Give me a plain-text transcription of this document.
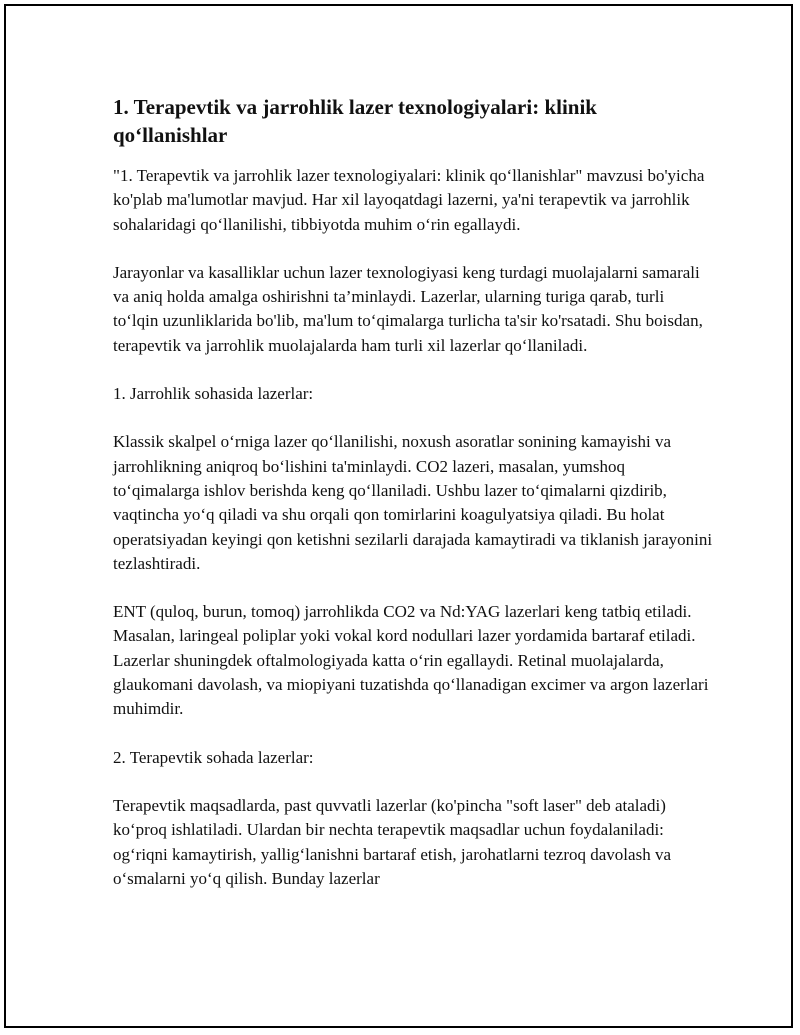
1. Terapevtik va jarrohlik lazer texnologiyalari: klinik qo‘llanishlar

"1. Terapevtik va jarrohlik lazer texnologiyalari: klinik qo‘llanishlar" mavzusi bo'yicha ko'plab ma'lumotlar mavjud. Har xil layoqatdagi lazerni, ya'ni terapevtik va jarrohlik sohalaridagi qo‘llanilishi, tibbiyotda muhim o‘rin egallaydi.

Jarayonlar va kasalliklar uchun lazer texnologiyasi keng turdagi muolajalarni samarali va aniq holda amalga oshirishni ta’minlaydi. Lazerlar, ularning turiga qarab, turli to‘lqin uzunliklarida bo'lib, ma'lum to‘qimalarga turlicha ta'sir ko'rsatadi. Shu boisdan, terapevtik va jarrohlik muolajalarda ham turli xil lazerlar qo‘llaniladi.

1. Jarrohlik sohasida lazerlar:

Klassik skalpel o‘rniga lazer qo‘llanilishi, noxush asoratlar sonining kamayishi va jarrohlikning aniqroq bo‘lishini ta'minlaydi. CO2 lazeri, masalan, yumshoq to‘qimalarga ishlov berishda keng qo‘llaniladi. Ushbu lazer to‘qimalarni qizdirib, vaqtincha yo‘q qiladi va shu orqali qon tomirlarini koagulyatsiya qiladi. Bu holat operatsiyadan keyingi qon ketishni sezilarli darajada kamaytiradi va tiklanish jarayonini tezlashtiradi.

ENT (quloq, burun, tomoq) jarrohlikda CO2 va Nd:YAG lazerlari keng tatbiq etiladi. Masalan, laringeal poliplar yoki vokal kord nodullari lazer yordamida bartaraf etiladi. Lazerlar shuningdek oftalmologiyada katta o‘rin egallaydi. Retinal muolajalarda, glaukomani davolash, va miopiyani tuzatishda qo‘llanadigan excimer va argon lazerlari muhimdir.

2. Terapevtik sohada lazerlar:

Terapevtik maqsadlarda, past quvvatli lazerlar (ko'pincha "soft laser" deb ataladi) ko‘proq ishlatiladi. Ulardan bir nechta terapevtik maqsadlar uchun foydalaniladi: og‘riqni kamaytirish, yallig‘lanishni bartaraf etish, jarohatlarni tezroq davolash va o‘smalarni yo‘q qilish. Bunday lazerlar
